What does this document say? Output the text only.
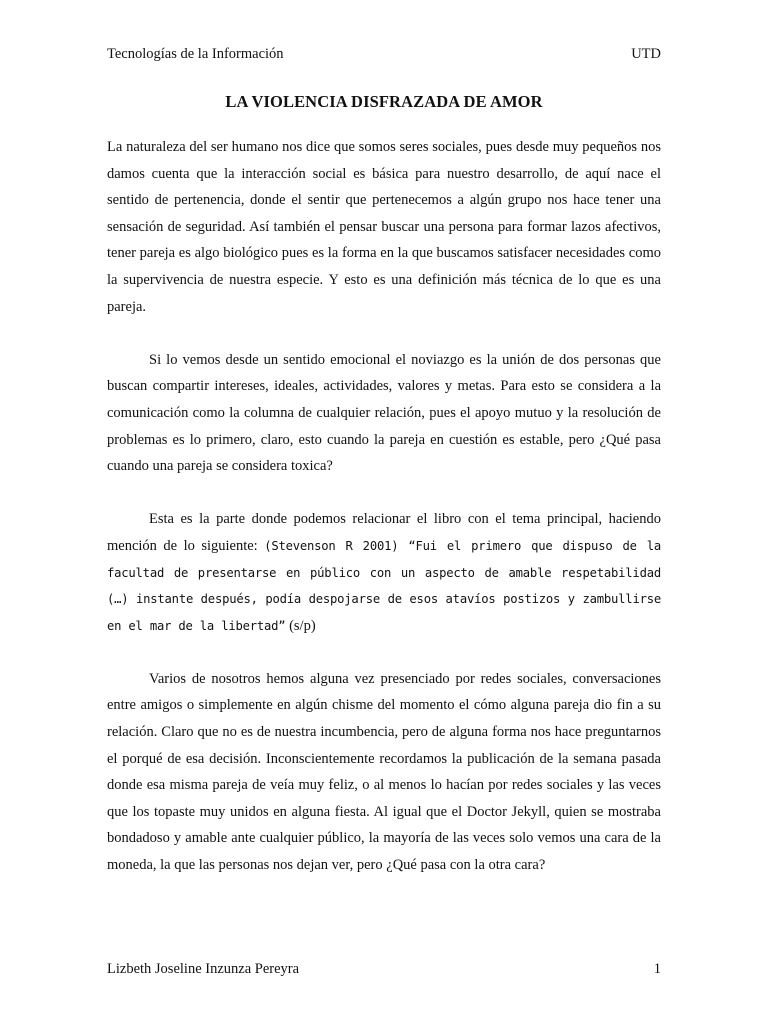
Tecnologías de la Información	UTD
LA VIOLENCIA DISFRAZADA DE AMOR

La naturaleza del ser humano nos dice que somos seres sociales, pues desde muy pequeños nos damos cuenta que la interacción social es básica para nuestro desarrollo, de aquí nace el sentido de pertenencia, donde el sentir que pertenecemos a algún grupo nos hace tener una sensación de seguridad. Así también el pensar buscar una persona para formar lazos afectivos, tener pareja es algo biológico pues es la forma en la que buscamos satisfacer necesidades como la supervivencia de nuestra especie. Y esto es una definición más técnica de lo que es una pareja.

Si lo vemos desde un sentido emocional el noviazgo es la unión de dos personas que buscan compartir intereses, ideales, actividades, valores y metas. Para esto se considera a la comunicación como la columna de cualquier relación, pues el apoyo mutuo y la resolución de problemas es lo primero, claro, esto cuando la pareja en cuestión es estable, pero ¿Qué pasa cuando una pareja se considera toxica?

Esta es la parte donde podemos relacionar el libro con el tema principal, haciendo mención de lo siguiente: (Stevenson R 2001) “Fui el primero que dispuso de la facultad de presentarse en público con un aspecto de amable respetabilidad (…) instante después, podía despojarse de esos atavíos postizos y zambullirse en el mar de la libertad” (s/p)

Varios de nosotros hemos alguna vez presenciado por redes sociales, conversaciones entre amigos o simplemente en algún chisme del momento el cómo alguna pareja dio fin a su relación. Claro que no es de nuestra incumbencia, pero de alguna forma nos hace preguntarnos el porqué de esa decisión. Inconscientemente recordamos la publicación de la semana pasada donde esa misma pareja de veía muy feliz, o al menos lo hacían por redes sociales y las veces que los topaste muy unidos en alguna fiesta. Al igual que el Doctor Jekyll, quien se mostraba bondadoso y amable ante cualquier público, la mayoría de las veces solo vemos una cara de la moneda, la que las personas nos dejan ver, pero ¿Qué pasa con la otra cara?

Lizbeth Joseline Inzunza Pereyra	1
